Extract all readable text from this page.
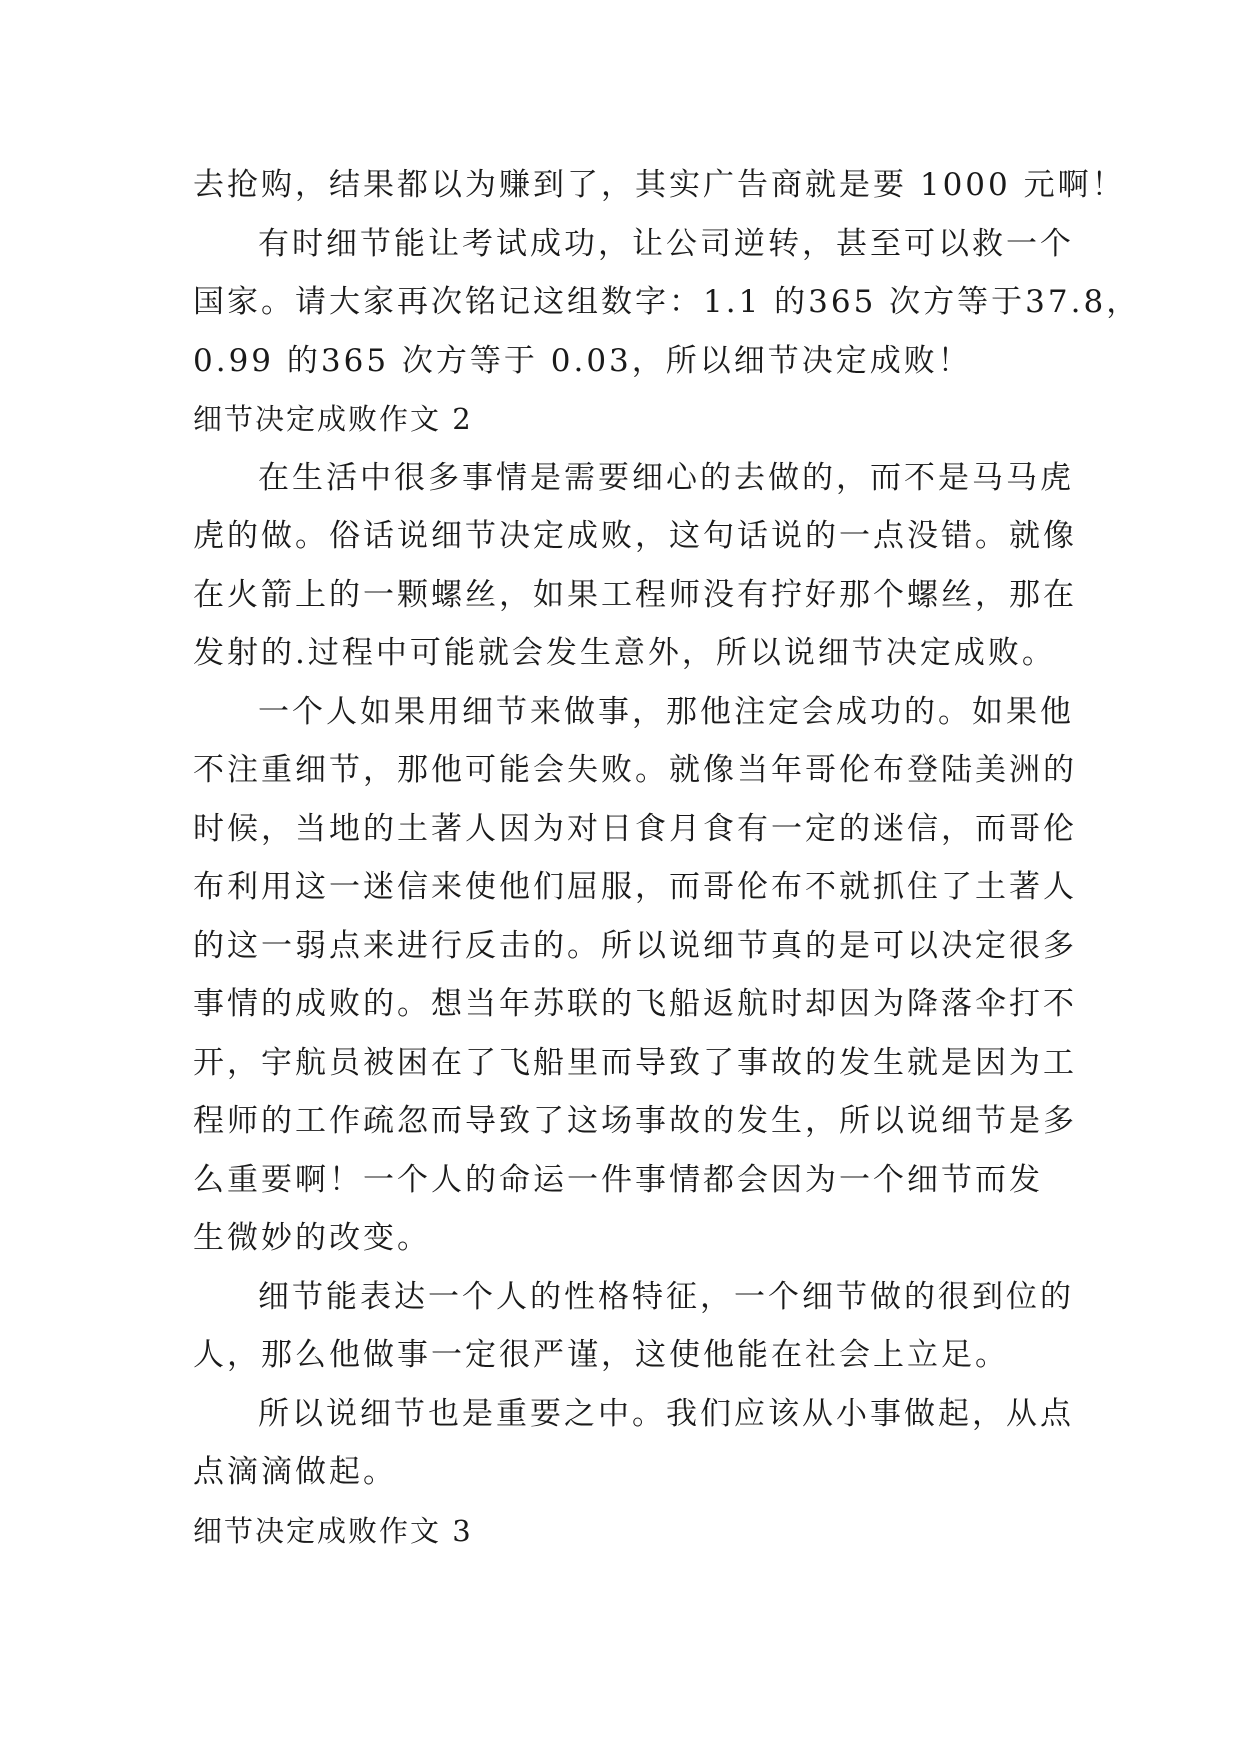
去抢购，结果都以为赚到了，其实广告商就是要 1000 元啊！
有时细节能让考试成功，让公司逆转，甚至可以救一个
国家。请大家再次铭记这组数字：1.1 的365 次方等于37.8，
0.99 的365 次方等于 0.03，所以细节决定成败！
细节决定成败作文 2
在生活中很多事情是需要细心的去做的，而不是马马虎
虎的做。俗话说细节决定成败，这句话说的一点没错。就像
在火箭上的一颗螺丝，如果工程师没有拧好那个螺丝，那在
发射的.过程中可能就会发生意外，所以说细节决定成败。
一个人如果用细节来做事，那他注定会成功的。如果他
不注重细节，那他可能会失败。就像当年哥伦布登陆美洲的
时候，当地的土著人因为对日食月食有一定的迷信，而哥伦
布利用这一迷信来使他们屈服，而哥伦布不就抓住了土著人
的这一弱点来进行反击的。所以说细节真的是可以决定很多
事情的成败的。想当年苏联的飞船返航时却因为降落伞打不
开，宇航员被困在了飞船里而导致了事故的发生就是因为工
程师的工作疏忽而导致了这场事故的发生，所以说细节是多
么重要啊！一个人的命运一件事情都会因为一个细节而发
生微妙的改变。
细节能表达一个人的性格特征，一个细节做的很到位的
人，那么他做事一定很严谨，这使他能在社会上立足。
所以说细节也是重要之中。我们应该从小事做起，从点
点滴滴做起。
细节决定成败作文 3
